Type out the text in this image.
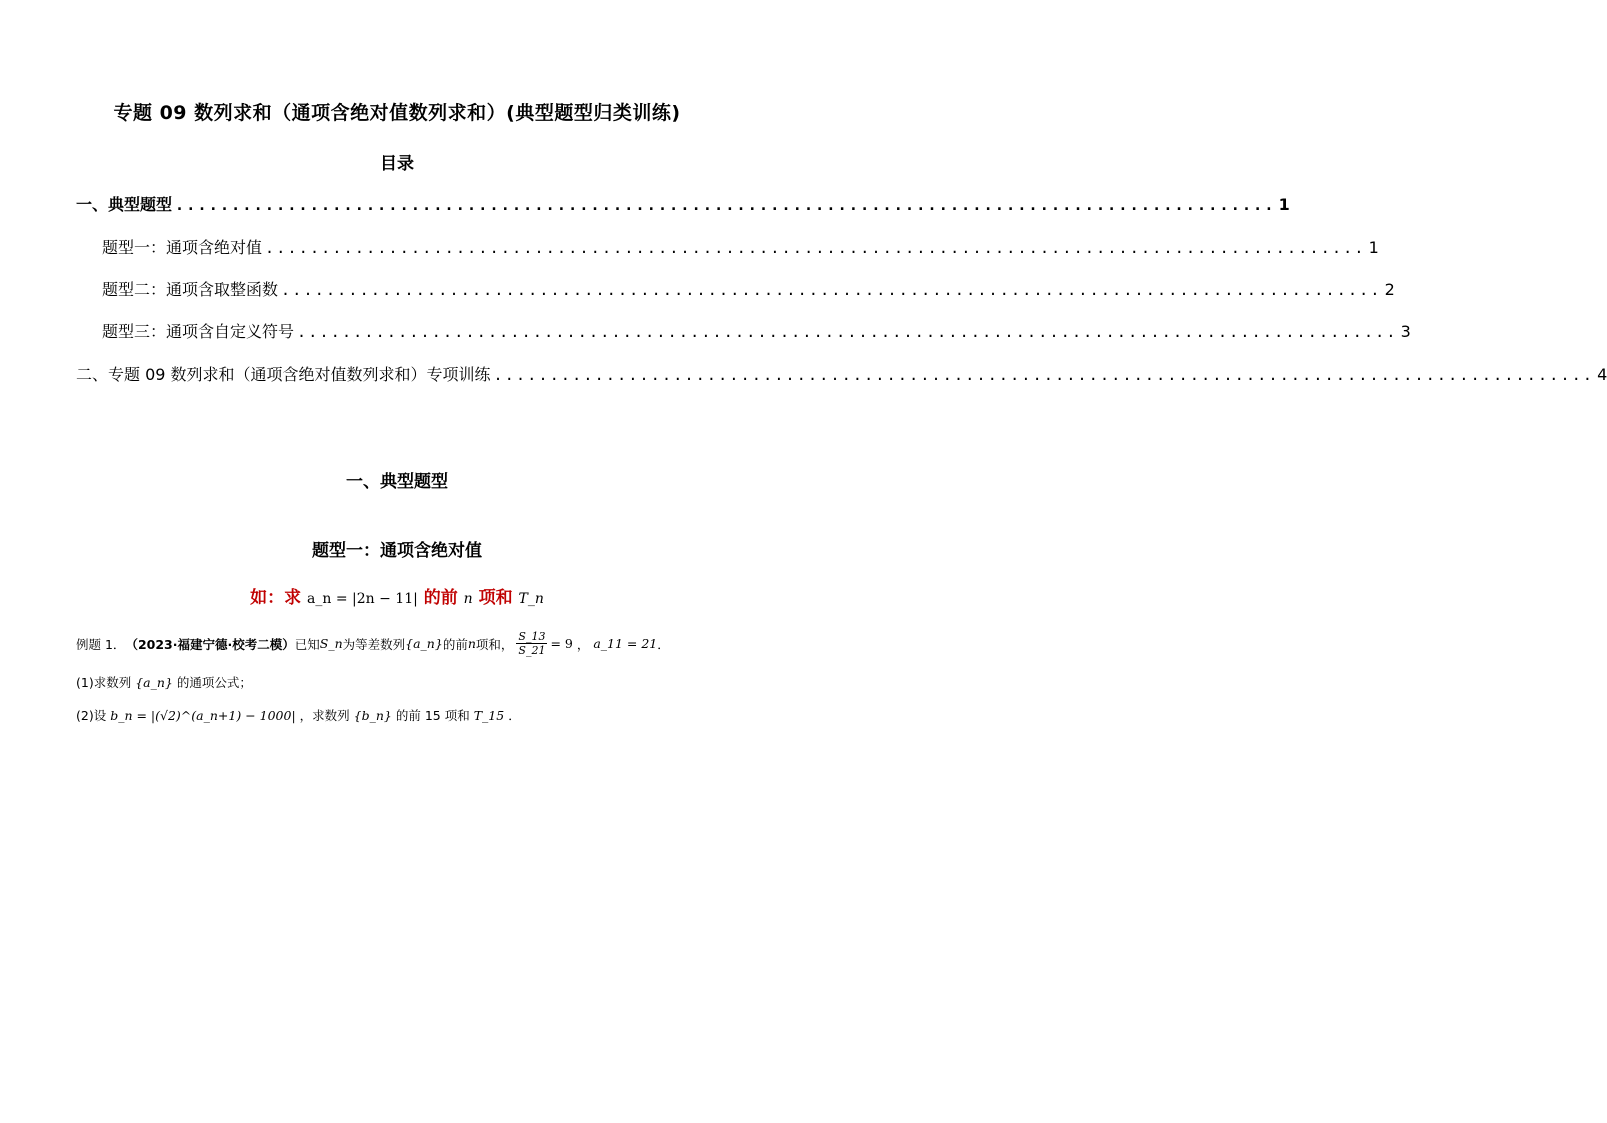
专题 09 数列求和（通项含绝对值数列求和）(典型题型归类训练)
目录
一、典型题型 .................................................................................................. 1
题型一：通项含绝对值 .................................................................................................. 1
题型二：通项含取整函数 .................................................................................................. 2
题型三：通项含自定义符号 .................................................................................................. 3
二、专题 09 数列求和（通项含绝对值数列求和）专项训练 .................................................................................................. 4
一、典型题型
题型一：通项含绝对值
如：求 a_n = |2n − 11| 的前 n 项和 T_n
例题 1． （2023·福建宁德·校考二模） 已知 S_n 为等差数列 {a_n} 的前 n 项和， $\frac{S\_13}{S\_21} = 9$ ， a_11 = 21 ．
(1)求数列 {a_n} 的通项公式；
(2)设 b_n = |(√2)^(a_n+1) − 1000| ，求数列 {b_n} 的前 15 项和 T_15 ．
